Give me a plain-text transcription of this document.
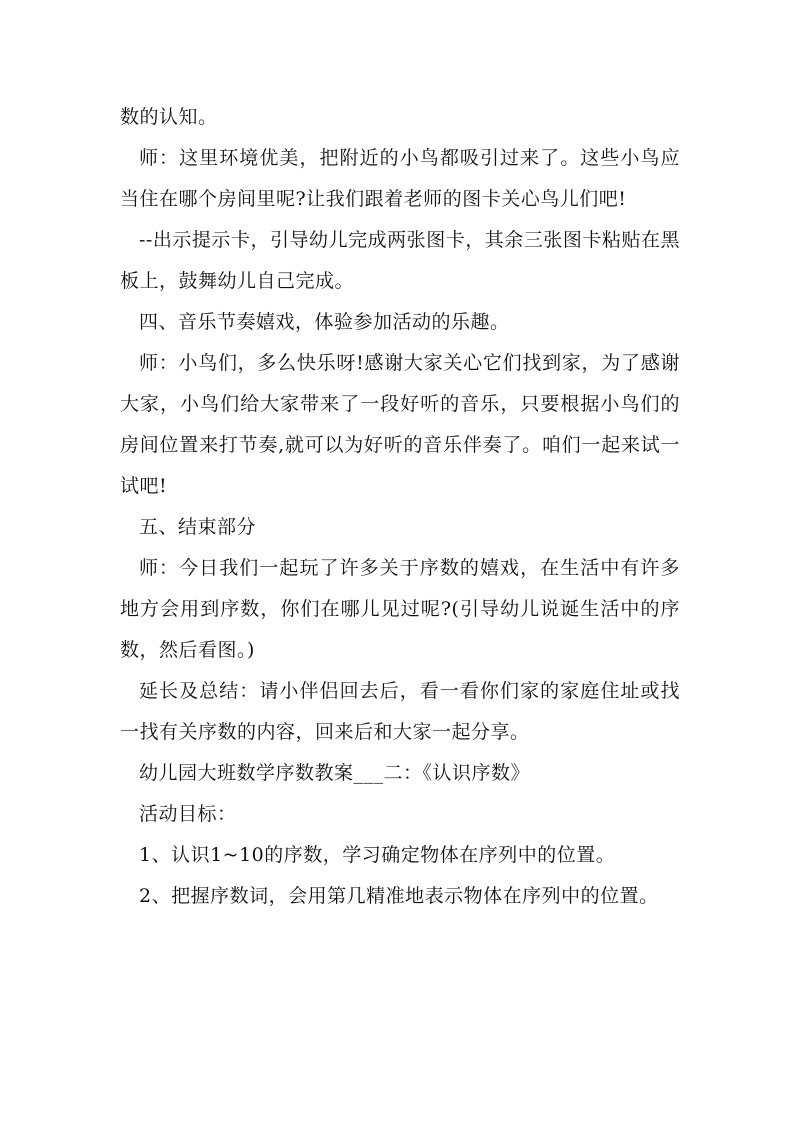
数的认知。

师：这里环境优美，把附近的小鸟都吸引过来了。这些小鸟应当住在哪个房间里呢?让我们跟着老师的图卡关心鸟儿们吧!

--出示提示卡，引导幼儿完成两张图卡，其余三张图卡粘贴在黑板上，鼓舞幼儿自己完成。

四、音乐节奏嬉戏，体验参加活动的乐趣。

师：小鸟们，多么快乐呀!感谢大家关心它们找到家，为了感谢大家，小鸟们给大家带来了一段好听的音乐，只要根据小鸟们的房间位置来打节奏,就可以为好听的音乐伴奏了。咱们一起来试一试吧!

五、结束部分

师：今日我们一起玩了许多关于序数的嬉戏，在生活中有许多地方会用到序数，你们在哪儿见过呢?(引导幼儿说诞生活中的序数，然后看图。)

延长及总结：请小伴侣回去后，看一看你们家的家庭住址或找一找有关序数的内容，回来后和大家一起分享。

幼儿园大班数学序数教案___二：《认识序数》

活动目标：

1、认识1~10的序数，学习确定物体在序列中的位置。

2、把握序数词，会用第几精准地表示物体在序列中的位置。
